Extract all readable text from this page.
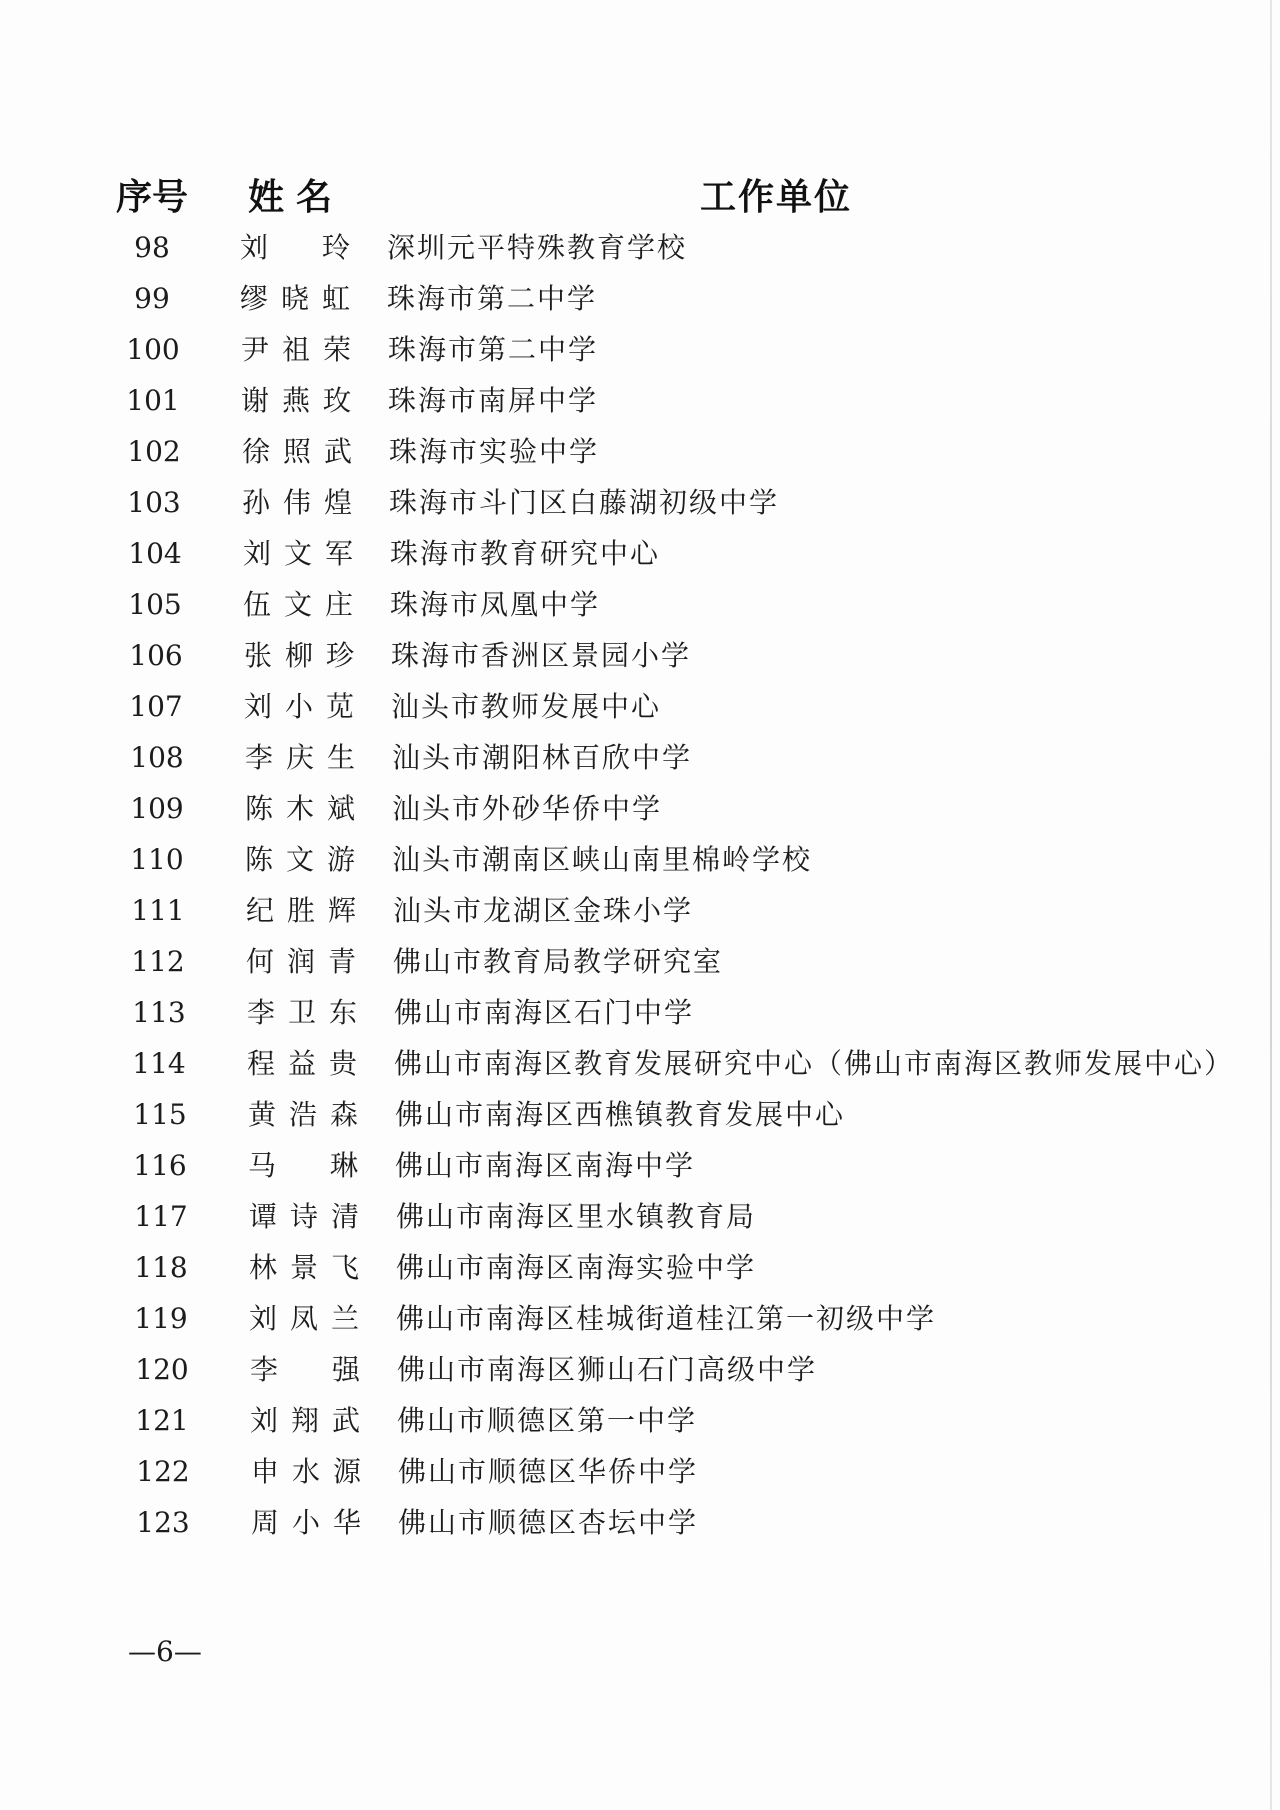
序号 姓名	工作单位
98	刘玲 深圳元平特殊教育学校
99	缪晓虹 珠海市第二中学
100	尹祖荣 珠海市第二中学
101	谢燕玫 珠海市南屏中学
102	徐照武 珠海市实验中学
103	孙伟煌 珠海市斗门区白藤湖初级中学
104	刘文军 珠海市教育研究中心
105	伍文庄 珠海市凤凰中学
106	张柳珍 珠海市香洲区景园小学
107	刘小苋 汕头市教师发展中心
108	李庆生 汕头市潮阳林百欣中学
109	陈木斌 汕头市外砂华侨中学
110	陈文游 汕头市潮南区峡山南里棉岭学校
111	纪胜辉 汕头市龙湖区金珠小学
112	何润青 佛山市教育局教学研究室
113	李卫东 佛山市南海区石门中学
114	程益贵 佛山市南海区教育发展研究中心（佛山市南海区教师发展中心）
115	黄浩森 佛山市南海区西樵镇教育发展中心
116	马琳 佛山市南海区南海中学
117	谭诗清 佛山市南海区里水镇教育局
118	林景飞 佛山市南海区南海实验中学
119	刘凤兰 佛山市南海区桂城街道桂江第一初级中学
120	李强 佛山市南海区狮山石门高级中学
121	刘翔武 佛山市顺德区第一中学
122	申水源 佛山市顺德区华侨中学
123	周小华 佛山市顺德区杏坛中学
—6—
